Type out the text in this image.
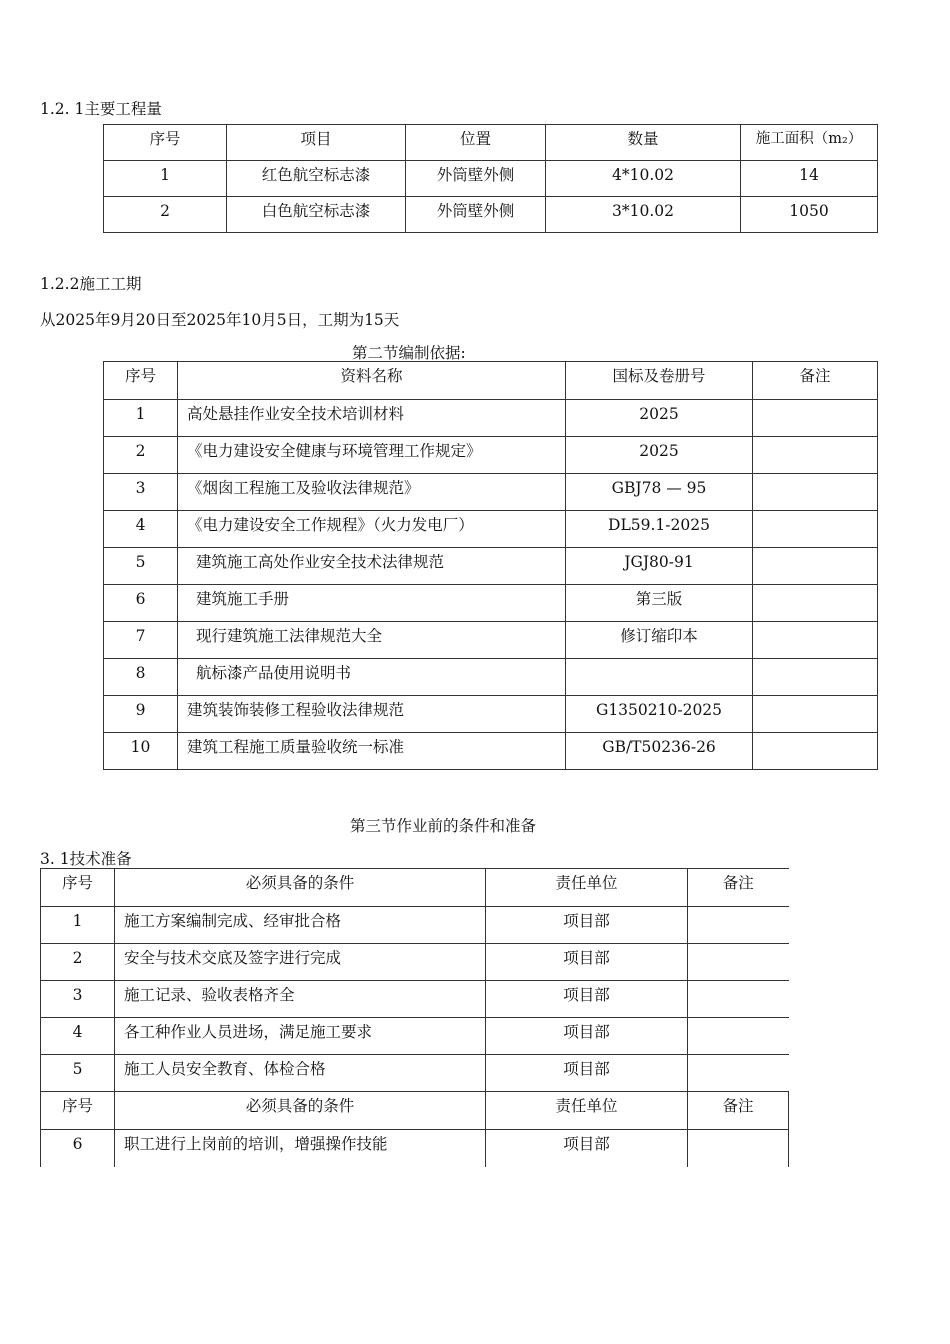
1.2. 1主要工程量
序号	项目	位置	数量	施工面积（m₂）
1	红色航空标志漆	外筒壁外侧	4*10.02	14
2	白色航空标志漆	外筒壁外侧	3*10.02	1050
1.2.2施工工期
从2025年9月20日至2025年10月5日，工期为15天
第二节编制依据:
序号	资料名称	国标及卷册号	备注
1	高处悬挂作业安全技术培训材料	2025	
2	《电力建设安全健康与环境管理工作规定》	2025	
3	《烟囱工程施工及验收法律规范》	GBJ78 — 95	
4	《电力建设安全工作规程》（火力发电厂）	DL59.1-2025	
5	建筑施工高处作业安全技术法律规范	JGJ80-91	
6	建筑施工手册	第三版	
7	现行建筑施工法律规范大全	修订缩印本	
8	航标漆产品使用说明书		
9	建筑装饰装修工程验收法律规范	G1350210-2025	
10	建筑工程施工质量验收统一标准	GB/T50236-26	
第三节作业前的条件和准备
3. 1技术准备
序号	必须具备的条件	责任单位	备注
1	施工方案编制完成、经审批合格	项目部	
2	安全与技术交底及签字进行完成	项目部	
3	施工记录、验收表格齐全	项目部	
4	各工种作业人员进场，满足施工要求	项目部	
5	施工人员安全教育、体检合格	项目部	
序号	必须具备的条件	责任单位	备注
6	职工进行上岗前的培训，增强操作技能	项目部	
